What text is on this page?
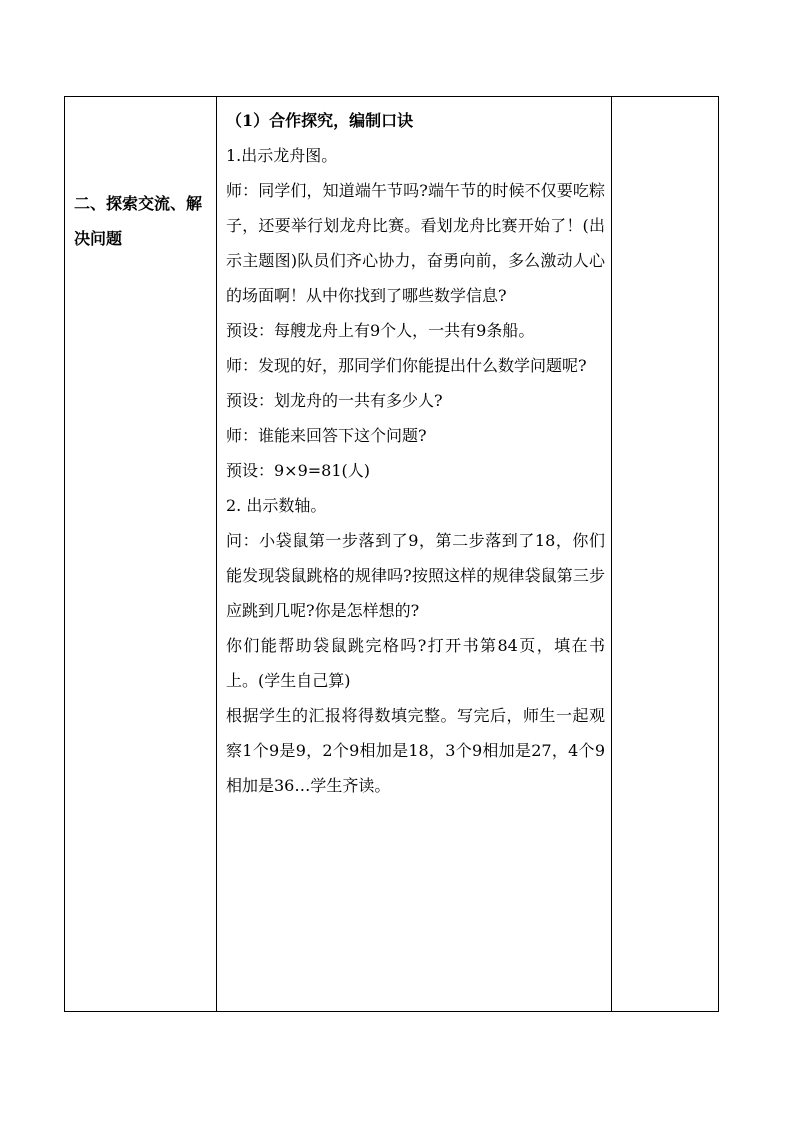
二、探索交流、解决问题

（1）合作探究，编制口诀

1.出示龙舟图。

师：同学们，知道端午节吗?端午节的时候不仅要吃粽子，还要举行划龙舟比赛。看划龙舟比赛开始了！(出示主题图)队员们齐心协力，奋勇向前，多么激动人心的场面啊！从中你找到了哪些数学信息?

预设：每艘龙舟上有9个人，一共有9条船。

师：发现的好，那同学们你能提出什么数学问题呢?

预设：划龙舟的一共有多少人?

师：谁能来回答下这个问题?

预设：9×9=81(人)

2. 出示数轴。

问：小袋鼠第一步落到了9，第二步落到了18，你们能发现袋鼠跳格的规律吗?按照这样的规律袋鼠第三步应跳到几呢?你是怎样想的?

你们能帮助袋鼠跳完格吗?打开书第84页，填在书上。(学生自己算)

根据学生的汇报将得数填完整。写完后，师生一起观察1个9是9，2个9相加是18，3个9相加是27，4个9相加是36…学生齐读。
